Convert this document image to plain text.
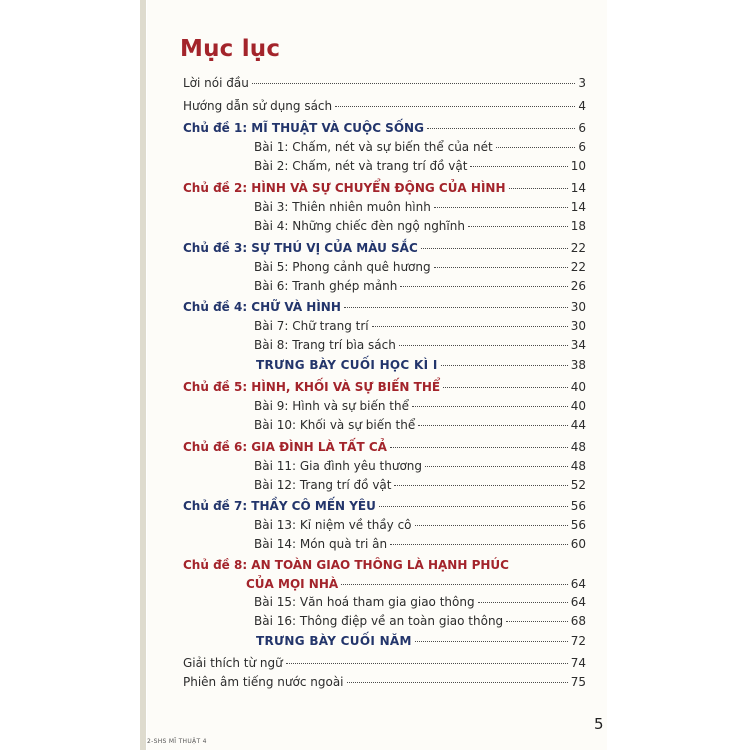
Mục lục
Lời nói đầu	3
Hướng dẫn sử dụng sách	4
Chủ đề 1: MĨ THUẬT VÀ CUỘC SỐNG	6
Bài 1: Chấm, nét và sự biến thể của nét	6
Bài 2: Chấm, nét và trang trí đồ vật	10
Chủ đề 2: HÌNH VÀ SỰ CHUYỂN ĐỘNG CỦA HÌNH	14
Bài 3: Thiên nhiên muôn hình	14
Bài 4: Những chiếc đèn ngộ nghĩnh	18
Chủ đề 3: SỰ THÚ VỊ CỦA MÀU SẮC	22
Bài 5: Phong cảnh quê hương	22
Bài 6: Tranh ghép mảnh	26
Chủ đề 4: CHỮ VÀ HÌNH	30
Bài 7: Chữ trang trí	30
Bài 8: Trang trí bìa sách	34
TRƯNG BÀY CUỐI HỌC KÌ I	38
Chủ đề 5: HÌNH, KHỐI VÀ SỰ BIẾN THỂ	40
Bài 9: Hình và sự biến thể	40
Bài 10: Khối và sự biến thể	44
Chủ đề 6: GIA ĐÌNH LÀ TẤT CẢ	48
Bài 11: Gia đình yêu thương	48
Bài 12: Trang trí đồ vật	52
Chủ đề 7: THẦY CÔ MẾN YÊU	56
Bài 13: Kỉ niệm về thầy cô	56
Bài 14: Món quà tri ân	60
Chủ đề 8: AN TOÀN GIAO THÔNG LÀ HẠNH PHÚC
CỦA MỌI NHÀ	64
Bài 15: Văn hoá tham gia giao thông	64
Bài 16: Thông điệp về an toàn giao thông	68
TRƯNG BÀY CUỐI NĂM	72
Giải thích từ ngữ	74
Phiên âm tiếng nước ngoài	75
5
2-SHS MĨ THUẬT 4
